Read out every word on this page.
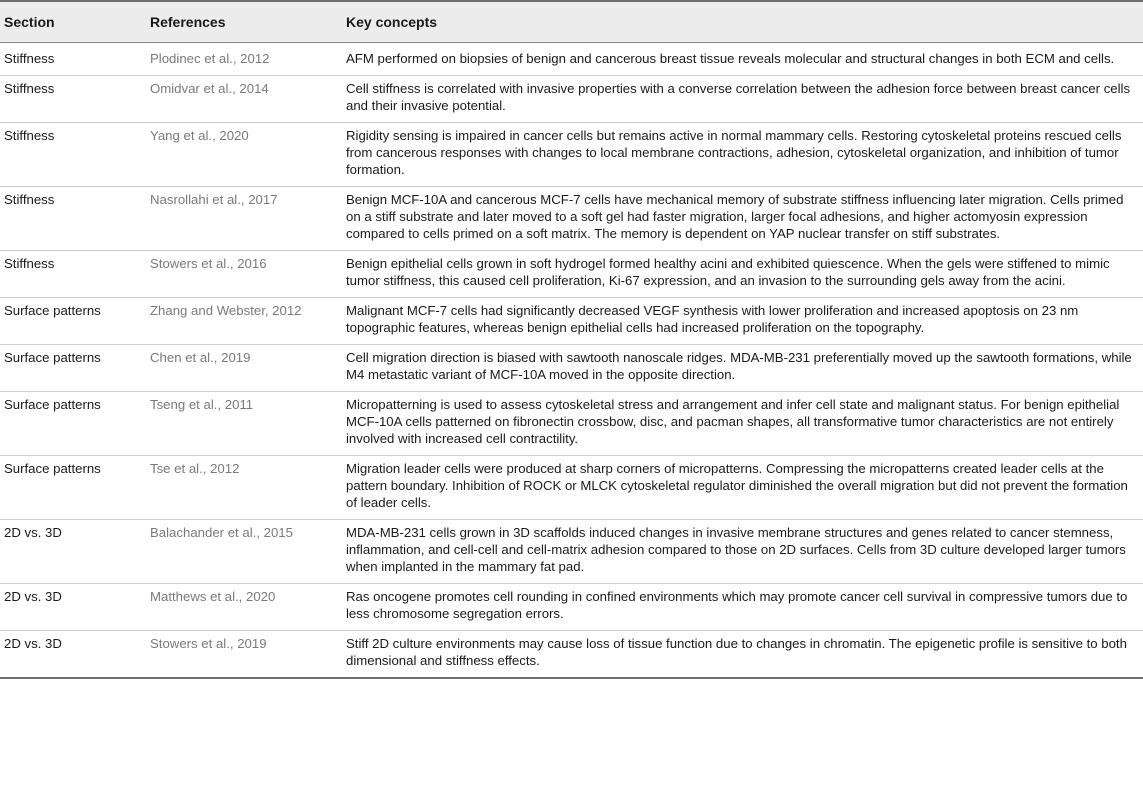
Section	References	Key concepts
Stiffness	Plodinec et al., 2012	AFM performed on biopsies of benign and cancerous breast tissue reveals molecular and structural changes in both ECM and cells.
Stiffness	Omidvar et al., 2014	Cell stiffness is correlated with invasive properties with a converse correlation between the adhesion force between breast cancer cells and their invasive potential.
Stiffness	Yang et al., 2020	Rigidity sensing is impaired in cancer cells but remains active in normal mammary cells. Restoring cytoskeletal proteins rescued cells from cancerous responses with changes to local membrane contractions, adhesion, cytoskeletal organization, and inhibition of tumor formation.
Stiffness	Nasrollahi et al., 2017	Benign MCF-10A and cancerous MCF-7 cells have mechanical memory of substrate stiffness influencing later migration. Cells primed on a stiff substrate and later moved to a soft gel had faster migration, larger focal adhesions, and higher actomyosin expression compared to cells primed on a soft matrix. The memory is dependent on YAP nuclear transfer on stiff substrates.
Stiffness	Stowers et al., 2016	Benign epithelial cells grown in soft hydrogel formed healthy acini and exhibited quiescence. When the gels were stiffened to mimic tumor stiffness, this caused cell proliferation, Ki-67 expression, and an invasion to the surrounding gels away from the acini.
Surface patterns	Zhang and Webster, 2012	Malignant MCF-7 cells had significantly decreased VEGF synthesis with lower proliferation and increased apoptosis on 23 nm topographic features, whereas benign epithelial cells had increased proliferation on the topography.
Surface patterns	Chen et al., 2019	Cell migration direction is biased with sawtooth nanoscale ridges. MDA-MB-231 preferentially moved up the sawtooth formations, while M4 metastatic variant of MCF-10A moved in the opposite direction.
Surface patterns	Tseng et al., 2011	Micropatterning is used to assess cytoskeletal stress and arrangement and infer cell state and malignant status. For benign epithelial MCF-10A cells patterned on fibronectin crossbow, disc, and pacman shapes, all transformative tumor characteristics are not entirely involved with increased cell contractility.
Surface patterns	Tse et al., 2012	Migration leader cells were produced at sharp corners of micropatterns. Compressing the micropatterns created leader cells at the pattern boundary. Inhibition of ROCK or MLCK cytoskeletal regulator diminished the overall migration but did not prevent the formation of leader cells.
2D vs. 3D	Balachander et al., 2015	MDA-MB-231 cells grown in 3D scaffolds induced changes in invasive membrane structures and genes related to cancer stemness, inflammation, and cell-cell and cell-matrix adhesion compared to those on 2D surfaces. Cells from 3D culture developed larger tumors when implanted in the mammary fat pad.
2D vs. 3D	Matthews et al., 2020	Ras oncogene promotes cell rounding in confined environments which may promote cancer cell survival in compressive tumors due to less chromosome segregation errors.
2D vs. 3D	Stowers et al., 2019	Stiff 2D culture environments may cause loss of tissue function due to changes in chromatin. The epigenetic profile is sensitive to both dimensional and stiffness effects.
